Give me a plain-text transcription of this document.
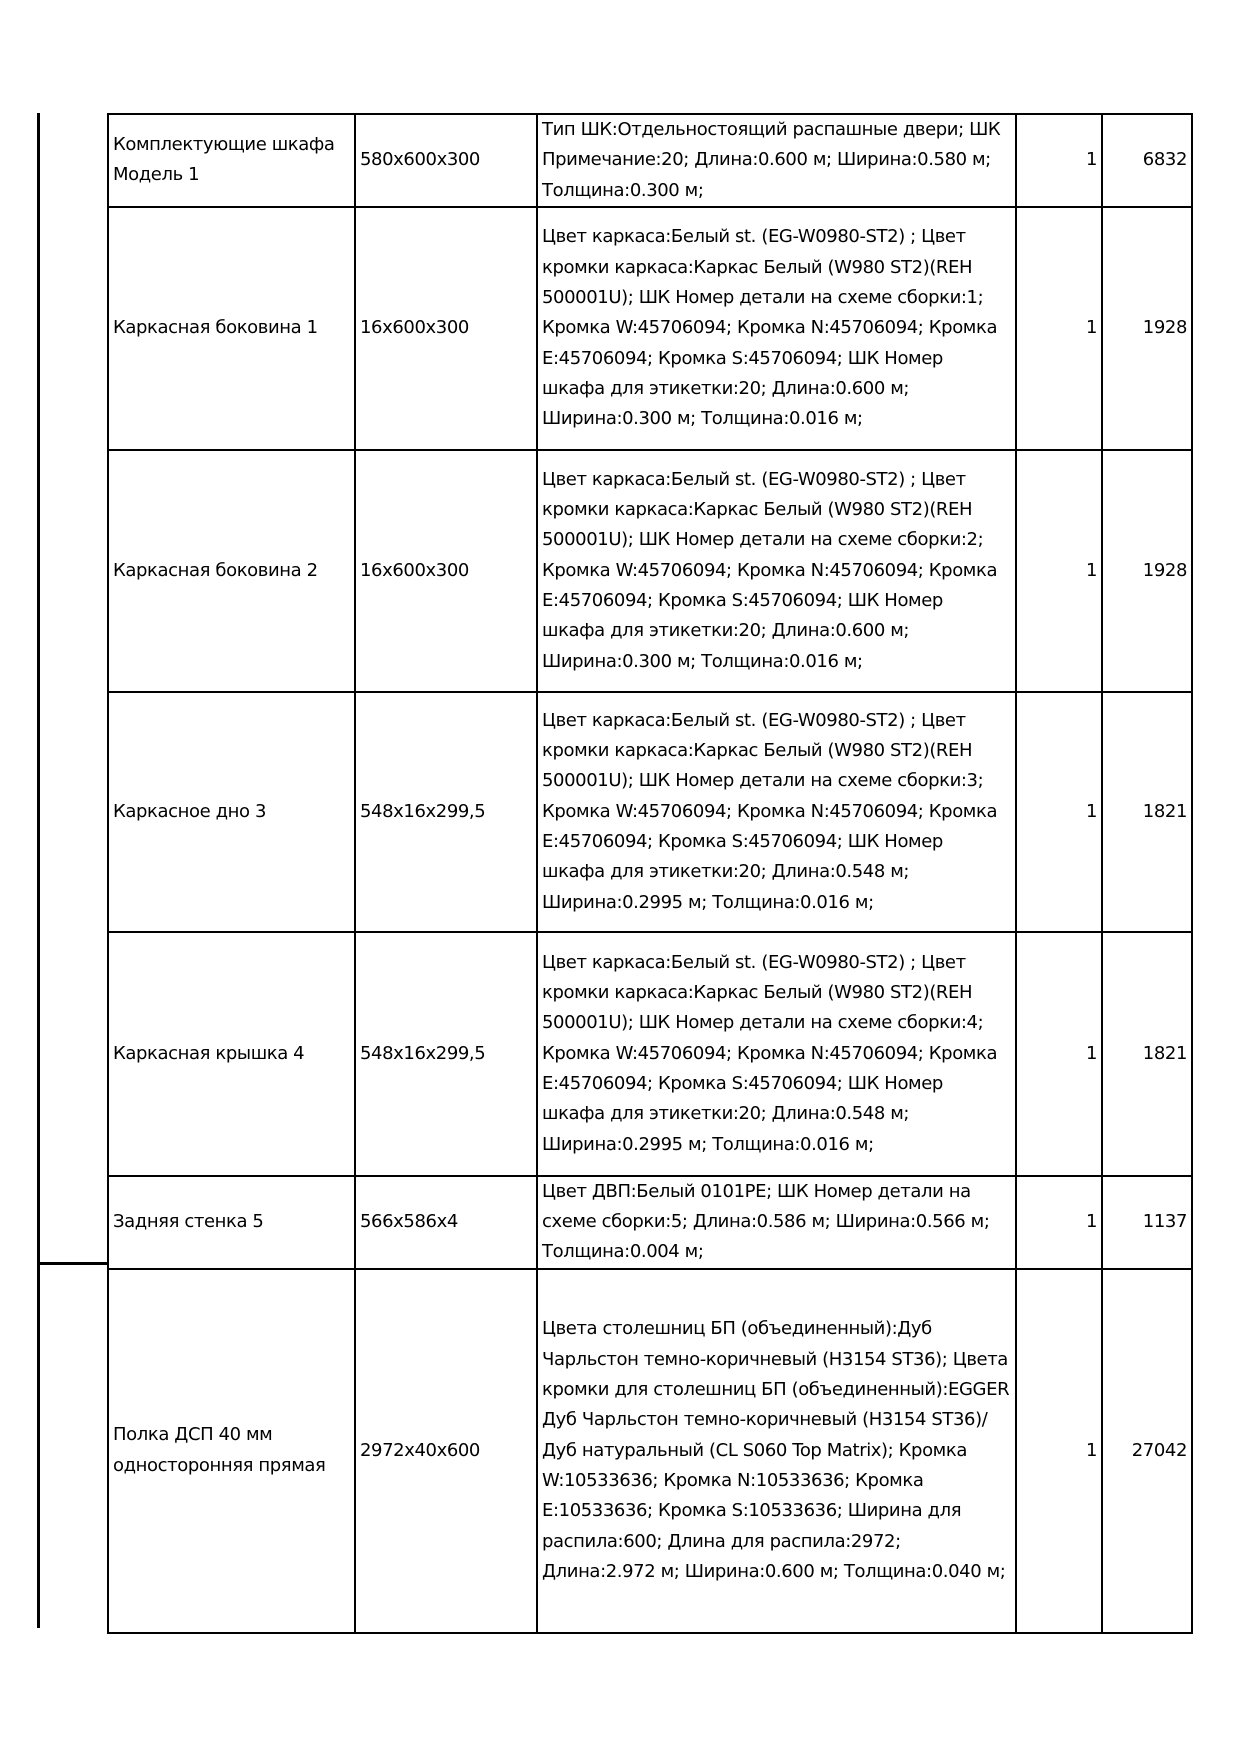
Комплектующие шкафа Модель 1	580x600x300	Тип ШК:Отдельностоящий распашные двери; ШК Примечание:20; Длина:0.600 м; Ширина:0.580 м; Толщина:0.300 м;	1	6832
Каркасная боковина 1	16x600x300	Цвет каркаса:Белый st. (EG-W0980-ST2) ; Цвет кромки каркаса:Каркас Белый (W980 ST2)(REH 500001U); ШК Номер детали на схеме сборки:1; Кромка W:45706094; Кромка N:45706094; Кромка E:45706094; Кромка S:45706094; ШК Номер шкафа для этикетки:20; Длина:0.600 м; Ширина:0.300 м; Толщина:0.016 м;	1	1928
Каркасная боковина 2	16x600x300	Цвет каркаса:Белый st. (EG-W0980-ST2) ; Цвет кромки каркаса:Каркас Белый (W980 ST2)(REH 500001U); ШК Номер детали на схеме сборки:2; Кромка W:45706094; Кромка N:45706094; Кромка E:45706094; Кромка S:45706094; ШК Номер шкафа для этикетки:20; Длина:0.600 м; Ширина:0.300 м; Толщина:0.016 м;	1	1928
Каркасное дно 3	548x16x299,5	Цвет каркаса:Белый st. (EG-W0980-ST2) ; Цвет кромки каркаса:Каркас Белый (W980 ST2)(REH 500001U); ШК Номер детали на схеме сборки:3; Кромка W:45706094; Кромка N:45706094; Кромка E:45706094; Кромка S:45706094; ШК Номер шкафа для этикетки:20; Длина:0.548 м; Ширина:0.2995 м; Толщина:0.016 м;	1	1821
Каркасная крышка 4	548x16x299,5	Цвет каркаса:Белый st. (EG-W0980-ST2) ; Цвет кромки каркаса:Каркас Белый (W980 ST2)(REH 500001U); ШК Номер детали на схеме сборки:4; Кромка W:45706094; Кромка N:45706094; Кромка E:45706094; Кромка S:45706094; ШК Номер шкафа для этикетки:20; Длина:0.548 м; Ширина:0.2995 м; Толщина:0.016 м;	1	1821
Задняя стенка 5	566x586x4	Цвет ДВП:Белый 0101PE; ШК Номер детали на схеме сборки:5; Длина:0.586 м; Ширина:0.566 м; Толщина:0.004 м;	1	1137
Полка ДСП 40 мм односторонняя прямая	2972x40x600	Цвета столешниц БП (объединенный):Дуб Чарльстон темно-коричневый (H3154 ST36); Цвета кромки для столешниц БП (объединенный):EGGER Дуб Чарльстон темно-коричневый (H3154 ST36)/Дуб натуральный (CL S060 Top Matrix); Кромка W:10533636; Кромка N:10533636; Кромка E:10533636; Кромка S:10533636; Ширина для распила:600; Длина для распила:2972; Длина:2.972 м; Ширина:0.600 м; Толщина:0.040 м;	1	27042
